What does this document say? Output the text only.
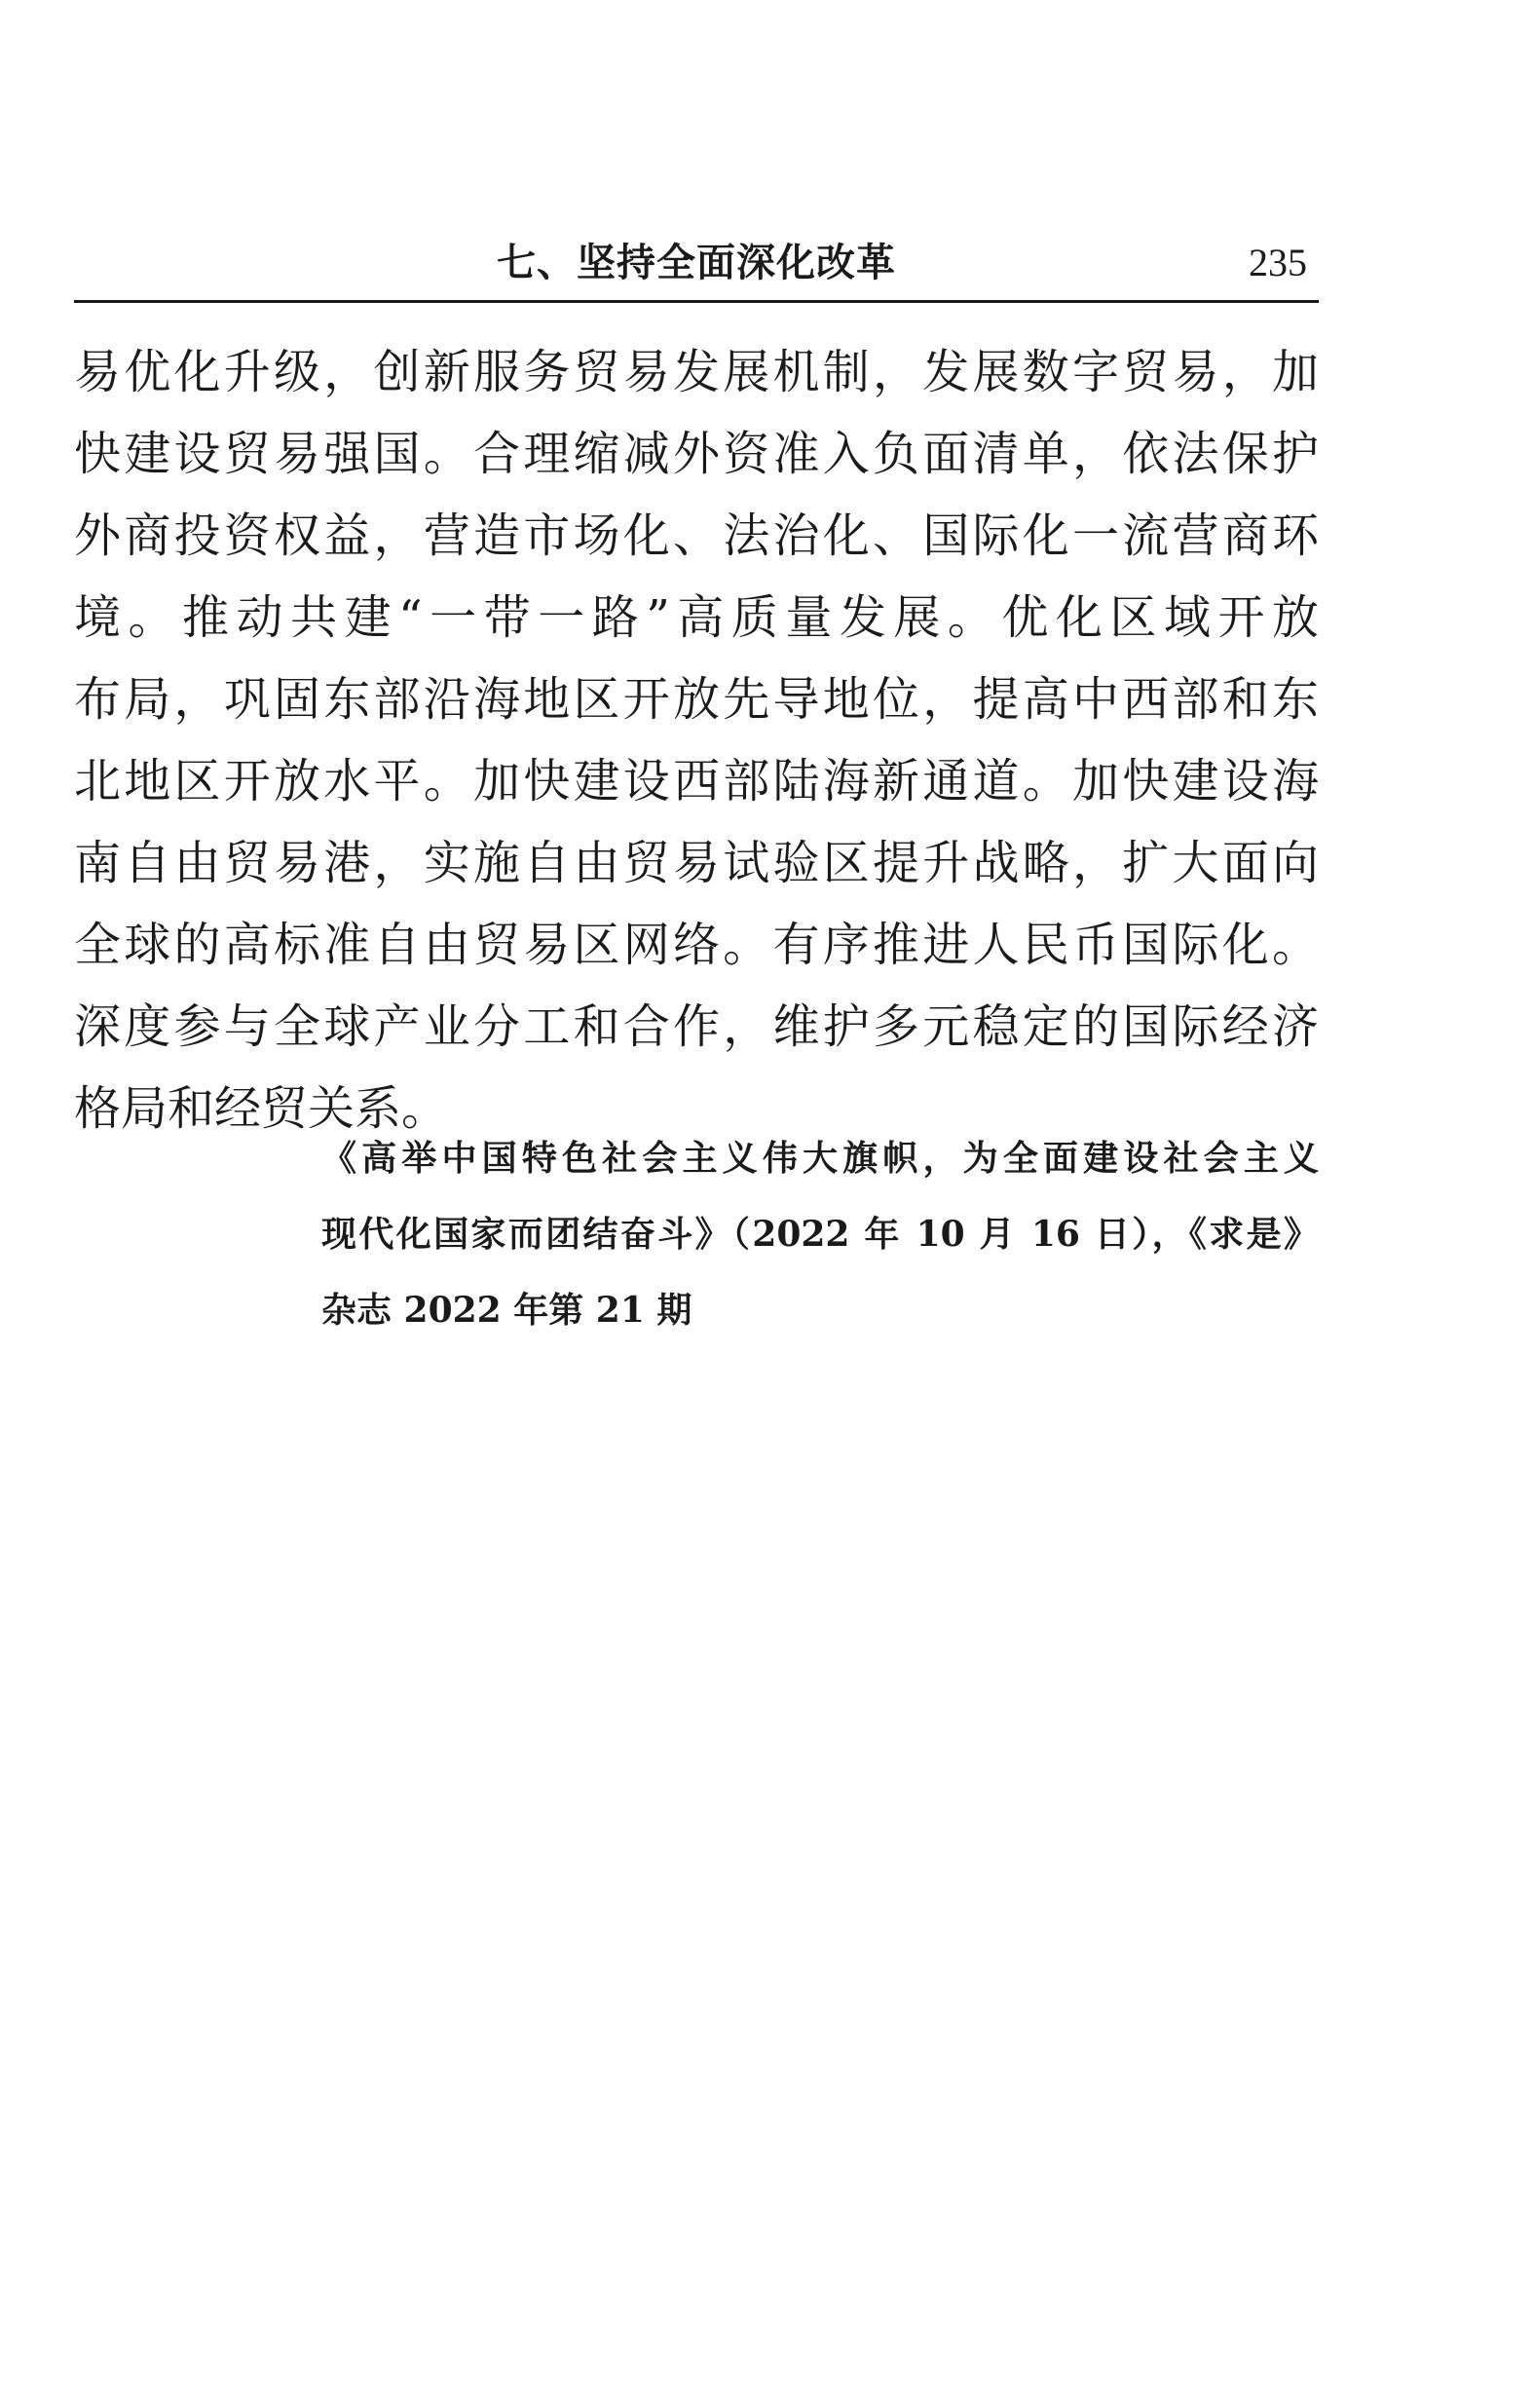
七、坚持全面深化改革	235
易优化升级，创新服务贸易发展机制，发展数字贸易，加
快建设贸易强国。合理缩减外资准入负面清单，依法保护
外商投资权益，营造市场化、法治化、国际化一流营商环
境。推动共建“一带一路”高质量发展。优化区域开放
布局，巩固东部沿海地区开放先导地位，提高中西部和东
北地区开放水平。加快建设西部陆海新通道。加快建设海
南自由贸易港，实施自由贸易试验区提升战略，扩大面向
全球的高标准自由贸易区网络。有序推进人民币国际化。
深度参与全球产业分工和合作，维护多元稳定的国际经济
格局和经贸关系。
《高举中国特色社会主义伟大旗帜，为全面建设社会主义
现代化国家而团结奋斗》（2022 年 10 月 16 日），《求是》
杂志 2022 年第 21 期
